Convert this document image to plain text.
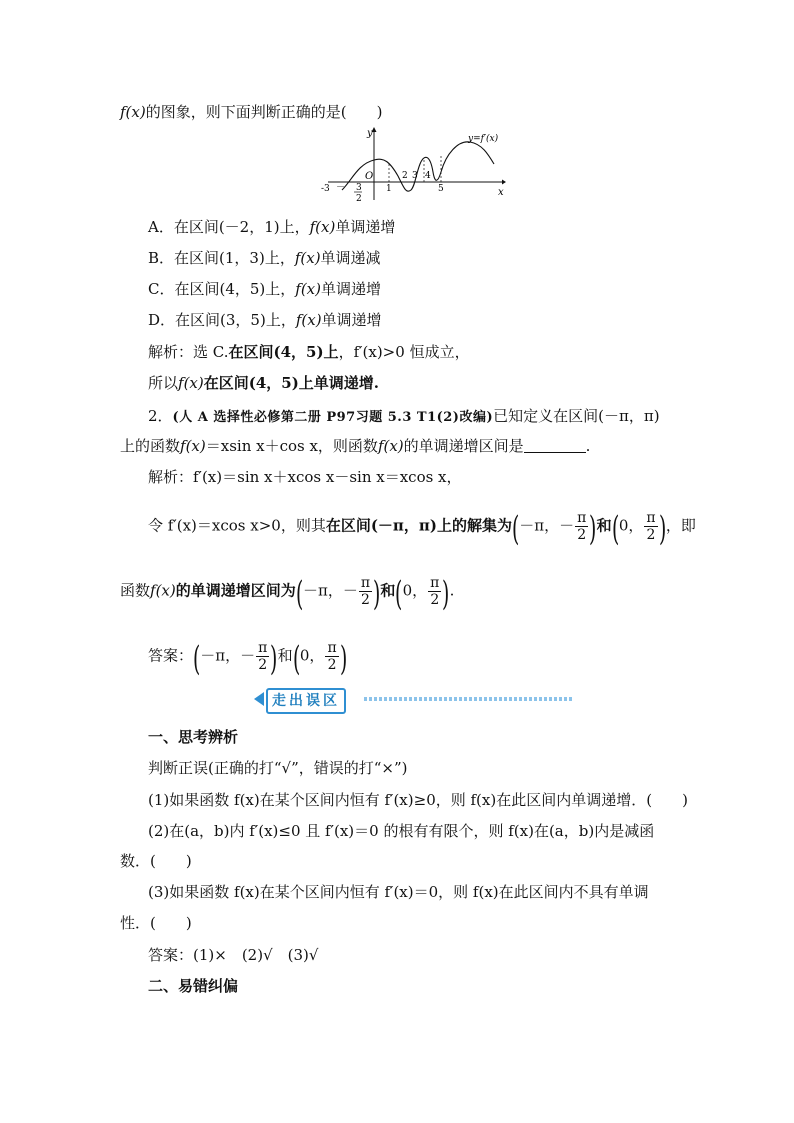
f(x)的图象，则下面判断正确的是(　　)
y
x
O
y=f′(x)
-3	1
2 3 4
5
－ 3
2
A．在区间(－2，1)上，f(x)单调递增
B．在区间(1，3)上，f(x)单调递减
C．在区间(4，5)上，f(x)单调递增
D．在区间(3，5)上，f(x)单调递增
解析：选 C.在区间(4，5)上，f′(x)>0 恒成立，
所以f(x)在区间(4，5)上单调递增.
2．(人 A 选择性必修第二册 P97习题 5.3 T1(2)改编)已知定义在区间(－π，π)
上的函数f(x)＝xsin x＋cos x，则函数f(x)的单调递增区间是	.
解析：f′(x)＝sin x＋xcos x－sin x＝xcos x，
令 f′(x)＝xcos x>0，则其在区间(－π，π)上的解集为(－π，－ $\frac{\pi}{2}$ )和(0， $\frac{\pi}{2}$ )，即
函数f(x)的单调递增区间为(－π，－ $\frac{\pi}{2}$ )和(0， $\frac{\pi}{2}$ ).
答案：(－π，－ $\frac{\pi}{2}$ )和(0， $\frac{\pi}{2}$ )
走出误区
一、思考辨析
判断正误(正确的打“√”，错误的打“×”)
(1)如果函数 f(x)在某个区间内恒有 f′(x)≥0，则 f(x)在此区间内单调递增．(　　)
(2)在(a，b)内 f′(x)≤0 且 f′(x)＝0 的根有有限个，则 f(x)在(a，b)内是减函
数．(　　)
(3)如果函数 f(x)在某个区间内恒有 f′(x)＝0，则 f(x)在此区间内不具有单调
性．(　　)
答案：(1)×　(2)√　(3)√
二、易错纠偏
